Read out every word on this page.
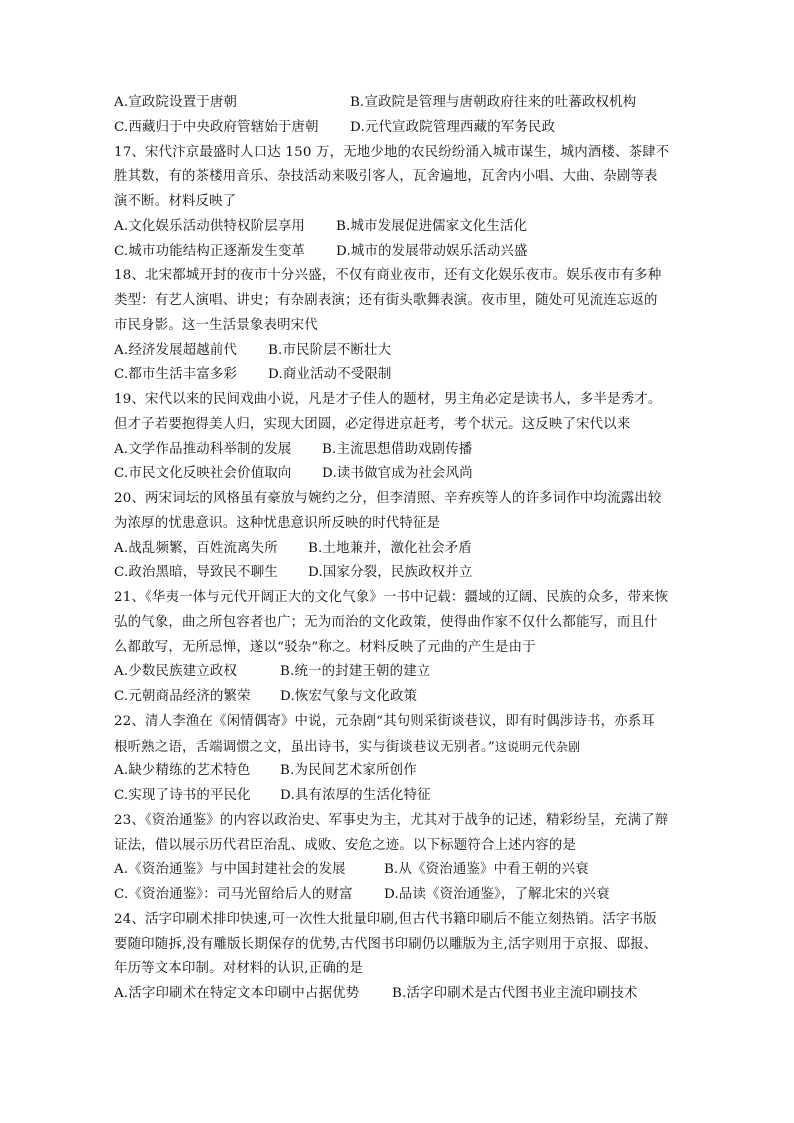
A.宣政院设置于唐朝	B.宣政院是管理与唐朝政府往来的吐蕃政权机构
C.西藏归于中央政府管辖始于唐朝	D.元代宣政院管理西藏的军务民政
17、宋代汴京最盛时人口达 150 万，无地少地的农民纷纷涌入城市谋生，城内酒楼、茶肆不
胜其数，有的茶楼用音乐、杂技活动来吸引客人，瓦舍遍地，瓦舍内小唱、大曲、杂剧等表
演不断。材料反映了
A.文化娱乐活动供特权阶层享用	B.城市发展促进儒家文化生活化
C.城市功能结构正逐渐发生变革	D.城市的发展带动娱乐活动兴盛
18、北宋都城开封的夜市十分兴盛，不仅有商业夜市，还有文化娱乐夜市。娱乐夜市有多种
类型：有艺人演唱、讲史；有杂剧表演；还有街头歌舞表演。夜市里，随处可见流连忘返的
市民身影。这一生活景象表明宋代
A.经济发展超越前代	B.市民阶层不断壮大
C.都市生活丰富多彩	D.商业活动不受限制
19、宋代以来的民间戏曲小说，凡是才子佳人的题材，男主角必定是读书人，多半是秀才。
但才子若要抱得美人归，实现大团圆，必定得进京赶考，考个状元。这反映了宋代以来
A.文学作品推动科举制的发展	B.主流思想借助戏剧传播
C.市民文化反映社会价值取向	D.读书做官成为社会风尚
20、两宋词坛的风格虽有豪放与婉约之分，但李清照、辛弃疾等人的许多词作中均流露出较
为浓厚的忧患意识。这种忧患意识所反映的时代特征是
A.战乱频繁，百姓流离失所	B.土地兼并，激化社会矛盾
C.政治黑暗，导致民不聊生	D.国家分裂，民族政权并立
21、《华夷一体与元代开阔正大的文化气象》一书中记载：疆域的辽阔、民族的众多，带来恢
弘的气象，曲之所包容者也广；无为而治的文化政策，使得曲作家不仅什么都能写，而且什
么都敢写，无所忌惮，遂以“驳杂”称之。材料反映了元曲的产生是由于
A.少数民族建立政权	B.统一的封建王朝的建立
C.元朝商品经济的繁荣	D.恢宏气象与文化政策
22、清人李渔在《闲情偶寄》中说，元杂剧“其句则采街谈巷议，即有时偶涉诗书，亦系耳
根听熟之语，舌端调惯之文，虽出诗书，实与街谈巷议无别者。”这说明元代杂剧
A.缺少精练的艺术特色	B.为民间艺术家所创作
C.实现了诗书的平民化	D.具有浓厚的生活化特征
23、《资治通鉴》的内容以政治史、军事史为主，尤其对于战争的记述，精彩纷呈，充满了辩
证法，借以展示历代君臣治乱、成败、安危之迹。以下标题符合上述内容的是
A.《资治通鉴》与中国封建社会的发展	B.从《资治通鉴》中看王朝的兴衰
C.《资治通鉴》：司马光留给后人的财富	D.品读《资治通鉴》，了解北宋的兴衰
24、活字印刷术排印快速,可一次性大批量印刷,但古代书籍印刷后不能立刻热销。活字书版
要随印随拆,没有雕版长期保存的优势,古代图书印刷仍以雕版为主,活字则用于京报、邸报、
年历等文本印制。对材料的认识,正确的是
A.活字印刷术在特定文本印刷中占据优势	B.活字印刷术是古代图书业主流印刷技术
